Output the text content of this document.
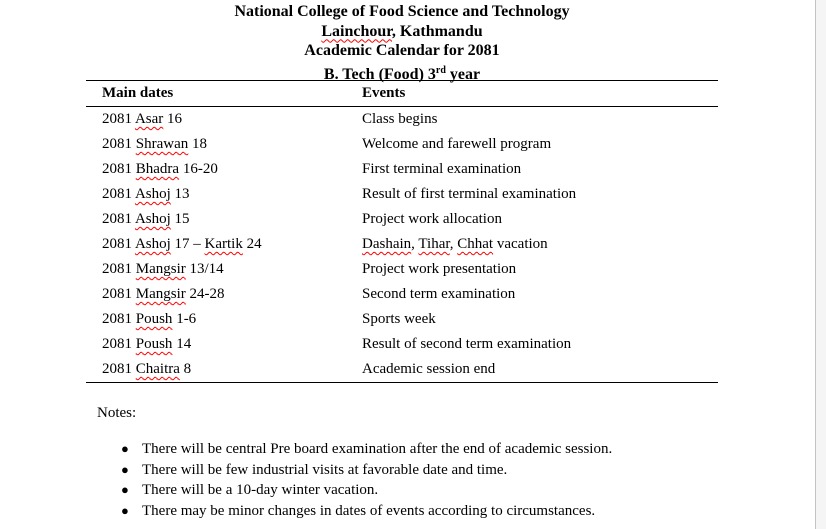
National College of Food Science and Technology
Lainchour, Kathmandu
Academic Calendar for 2081
B. Tech (Food) 3rd year
Main dates	Events
2081 Asar 16	Class begins
2081 Shrawan 18	Welcome and farewell program
2081 Bhadra 16-20	First terminal examination
2081 Ashoj 13	Result of first terminal examination
2081 Ashoj 15	Project work allocation
2081 Ashoj 17 – Kartik 24	Dashain, Tihar, Chhat vacation
2081 Mangsir 13/14	Project work presentation
2081 Mangsir 24-28	Second term examination
2081 Poush 1-6	Sports week
2081 Poush 14	Result of second term examination
2081 Chaitra 8	Academic session end
Notes:
● There will be central Pre board examination after the end of academic session.
● There will be few industrial visits at favorable date and time.
● There will be a 10-day winter vacation.
● There may be minor changes in dates of events according to circumstances.
